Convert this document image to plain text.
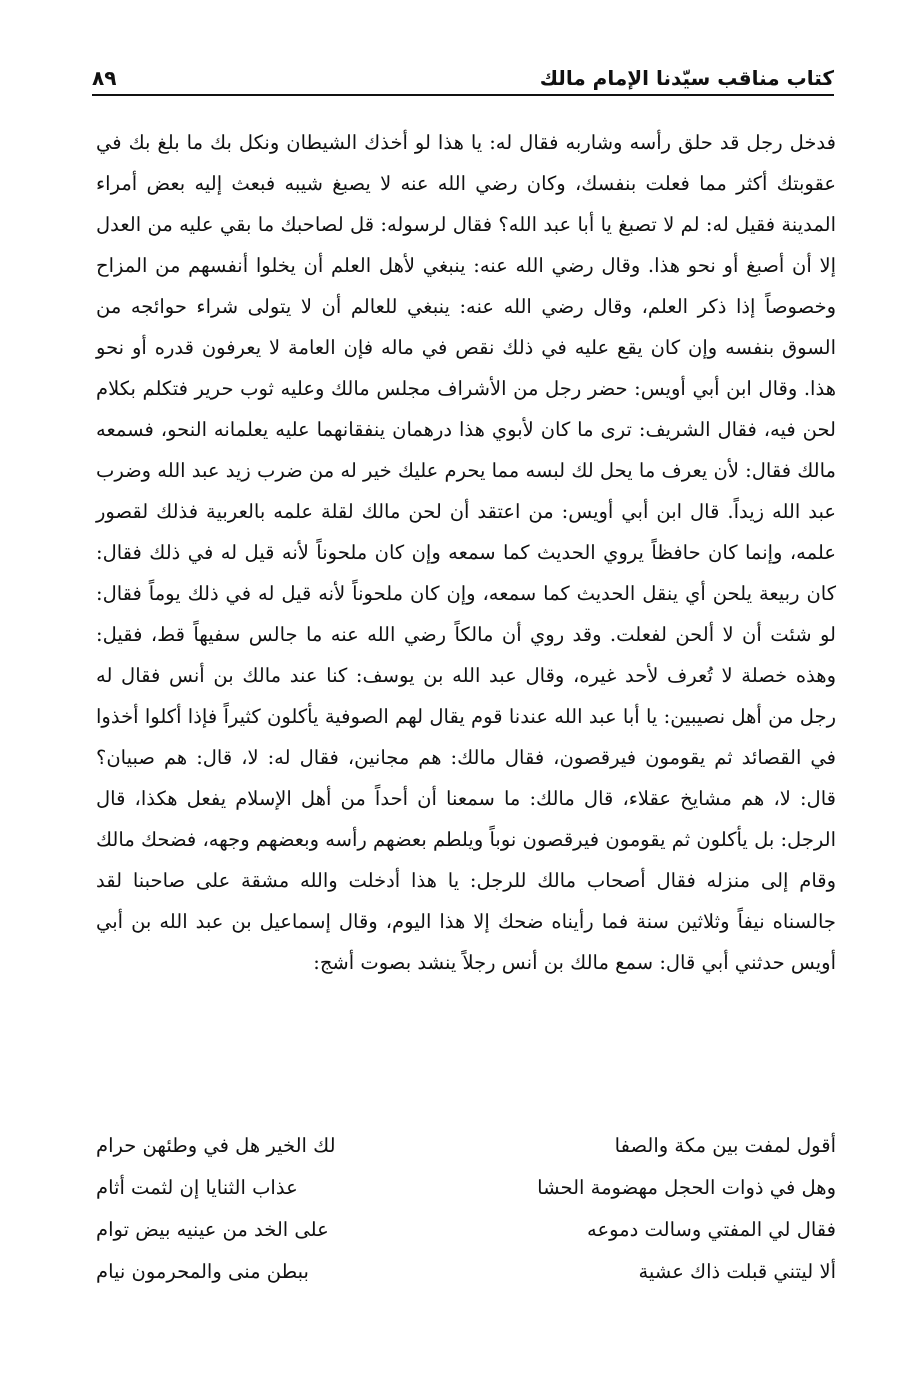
كتاب مناقب سيّدنا الإمام مالك
٨٩

فدخل رجل قد حلق رأسه وشاربه فقال له: يا هذا لو أخذك الشيطان ونكل بك ما بلغ بك في عقوبتك أكثر مما فعلت بنفسك، وكان رضي الله عنه لا يصبغ شيبه فبعث إليه بعض أمراء المدينة فقيل له: لم لا تصبغ يا أبا عبد الله؟ فقال لرسوله: قل لصاحبك ما بقي عليه من العدل إلا أن أصبغ أو نحو هذا. وقال رضي الله عنه: ينبغي لأهل العلم أن يخلوا أنفسهم من المزاح وخصوصاً إذا ذكر العلم، وقال رضي الله عنه: ينبغي للعالم أن لا يتولى شراء حوائجه من السوق بنفسه وإن كان يقع عليه في ذلك نقص في ماله فإن العامة لا يعرفون قدره أو نحو هذا. وقال ابن أبي أويس: حضر رجل من الأشراف مجلس مالك وعليه ثوب حرير فتكلم بكلام لحن فيه، فقال الشريف: ترى ما كان لأبوي هذا درهمان ينفقانهما عليه يعلمانه النحو، فسمعه مالك فقال: لأن يعرف ما يحل لك لبسه مما يحرم عليك خير له من ضرب زيد عبد الله وضرب عبد الله زيداً. قال ابن أبي أويس: من اعتقد أن لحن مالك لقلة علمه بالعربية فذلك لقصور علمه، وإنما كان حافظاً يروي الحديث كما سمعه وإن كان ملحوناً لأنه قيل له في ذلك فقال: كان ربيعة يلحن أي ينقل الحديث كما سمعه، وإن كان ملحوناً لأنه قيل له في ذلك يوماً فقال: لو شئت أن لا ألحن لفعلت. وقد روي أن مالكاً رضي الله عنه ما جالس سفيهاً قط، فقيل: وهذه خصلة لا تُعرف لأحد غيره، وقال عبد الله بن يوسف: كنا عند مالك بن أنس فقال له رجل من أهل نصيبين: يا أبا عبد الله عندنا قوم يقال لهم الصوفية يأكلون كثيراً فإذا أكلوا أخذوا في القصائد ثم يقومون فيرقصون، فقال مالك: هم مجانين، فقال له: لا، قال: هم صبيان؟ قال: لا، هم مشايخ عقلاء، قال مالك: ما سمعنا أن أحداً من أهل الإسلام يفعل هكذا، قال الرجل: بل يأكلون ثم يقومون فيرقصون نوباً ويلطم بعضهم رأسه وبعضهم وجهه، فضحك مالك وقام إلى منزله فقال أصحاب مالك للرجل: يا هذا أدخلت والله مشقة على صاحبنا لقد جالسناه نيفاً وثلاثين سنة فما رأيناه ضحك إلا هذا اليوم، وقال إسماعيل بن عبد الله بن أبي أويس حدثني أبي قال: سمع مالك بن أنس رجلاً ينشد بصوت أشج:

أقول لمفت بين مكة والصفا
لك الخير هل في وطئهن حرام
وهل في ذوات الحجل مهضومة الحشا
عذاب الثنايا إن لثمت أثام
فقال لي المفتي وسالت دموعه
على الخد من عينيه بيض توام
ألا ليتني قبلت ذاك عشية
ببطن منى والمحرمون نيام
